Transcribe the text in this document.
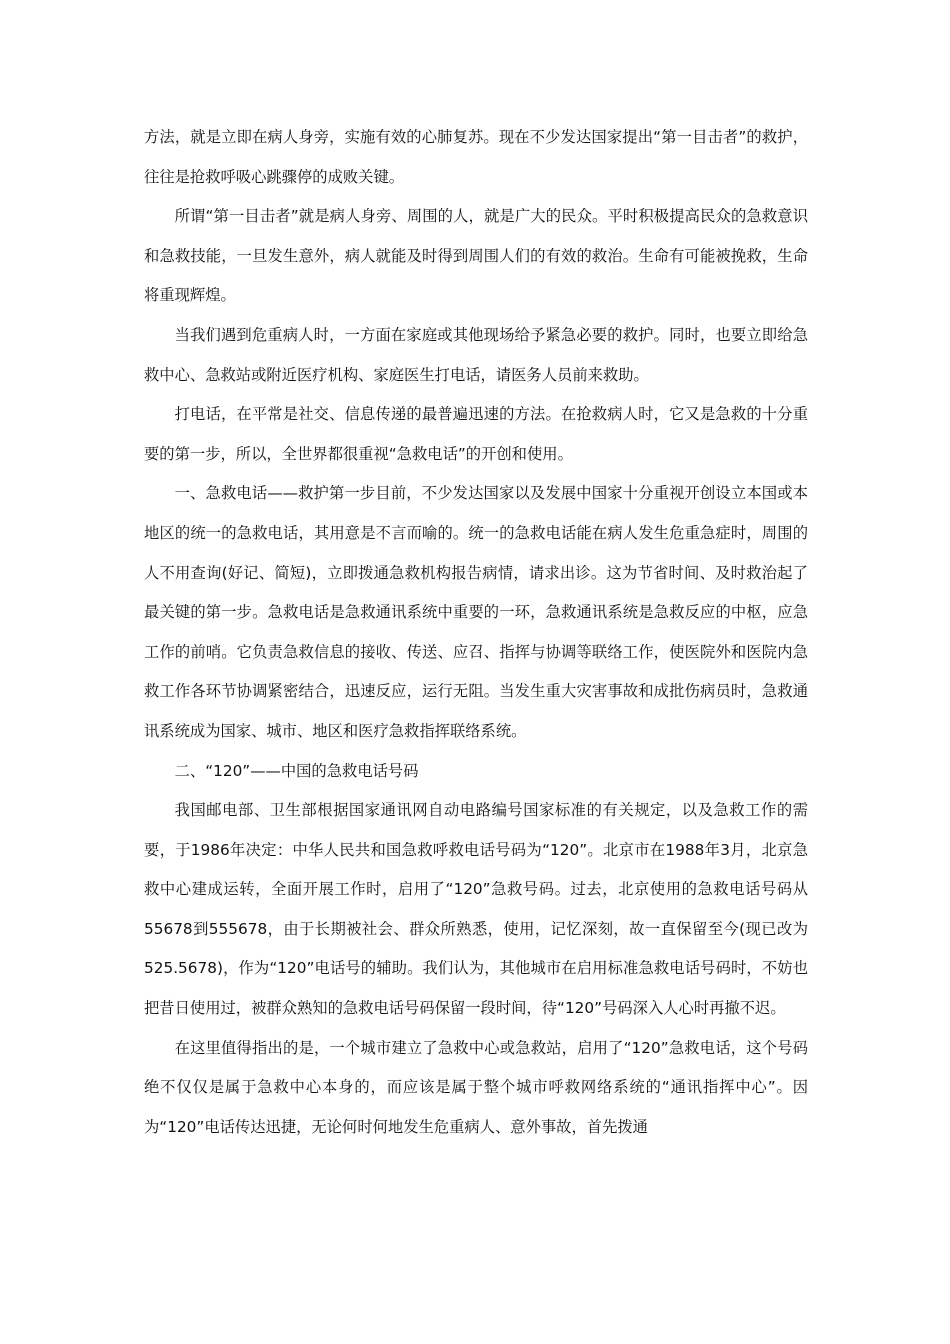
方法，就是立即在病人身旁，实施有效的心肺复苏。现在不少发达国家提出“第一目击者”的救护，往往是抢救呼吸心跳骤停的成败关键。

所谓“第一目击者”就是病人身旁、周围的人，就是广大的民众。平时积极提高民众的急救意识和急救技能，一旦发生意外，病人就能及时得到周围人们的有效的救治。生命有可能被挽救，生命将重现辉煌。

当我们遇到危重病人时，一方面在家庭或其他现场给予紧急必要的救护。同时，也要立即给急救中心、急救站或附近医疗机构、家庭医生打电话，请医务人员前来救助。

打电话，在平常是社交、信息传递的最普遍迅速的方法。在抢救病人时，它又是急救的十分重要的第一步，所以，全世界都很重视“急救电话”的开创和使用。

一、急救电话——救护第一步目前，不少发达国家以及发展中国家十分重视开创设立本国或本地区的统一的急救电话，其用意是不言而喻的。统一的急救电话能在病人发生危重急症时，周围的人不用查询(好记、简短)，立即拨通急救机构报告病情，请求出诊。这为节省时间、及时救治起了最关键的第一步。急救电话是急救通讯系统中重要的一环，急救通讯系统是急救反应的中枢，应急工作的前哨。它负责急救信息的接收、传送、应召、指挥与协调等联络工作，使医院外和医院内急救工作各环节协调紧密结合，迅速反应，运行无阻。当发生重大灾害事故和成批伤病员时，急救通讯系统成为国家、城市、地区和医疗急救指挥联络系统。

二、“120”——中国的急救电话号码

我国邮电部、卫生部根据国家通讯网自动电路编号国家标准的有关规定，以及急救工作的需要，于1986年决定：中华人民共和国急救呼救电话号码为“120”。北京市在1988年3月，北京急救中心建成运转，全面开展工作时，启用了“120”急救号码。过去，北京使用的急救电话号码从55678到555678，由于长期被社会、群众所熟悉，使用，记忆深刻，故一直保留至今(现已改为525.5678)，作为“120”电话号的辅助。我们认为，其他城市在启用标准急救电话号码时，不妨也把昔日使用过，被群众熟知的急救电话号码保留一段时间，待“120”号码深入人心时再撤不迟。

在这里值得指出的是，一个城市建立了急救中心或急救站，启用了“120”急救电话，这个号码绝不仅仅是属于急救中心本身的，而应该是属于整个城市呼救网络系统的“通讯指挥中心”。因为“120”电话传达迅捷，无论何时何地发生危重病人、意外事故，首先拨通
